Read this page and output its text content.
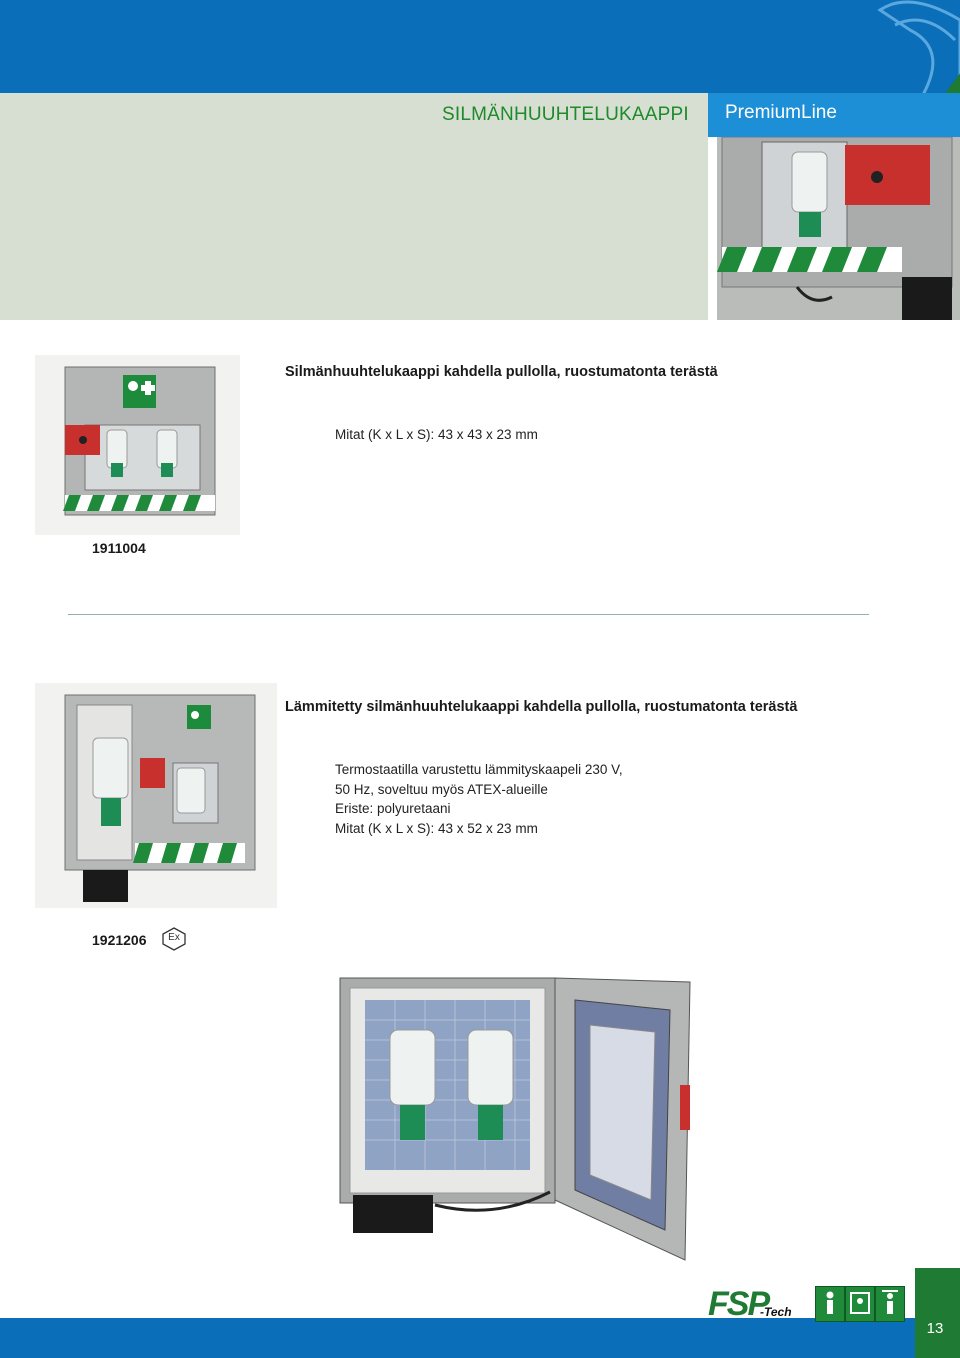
SILMÄNHUUHTELUKAAPPI PremiumLine
Silmänhuuhtelukaappi kahdella pullolla, ruostumatonta terästä
Mitat (K x L x S): 43 x 43 x 23 mm
1911004
Lämmitetty silmänhuuhtelukaappi kahdella pullolla, ruostumatonta terästä
Termostaatilla varustettu lämmityskaapeli 230 V,
50 Hz, soveltuu myös ATEX-alueille
Eriste: polyuretaani
Mitat (K x L x S): 43 x 52 x 23 mm
1921206	Ex
13
FSP
-Tech
